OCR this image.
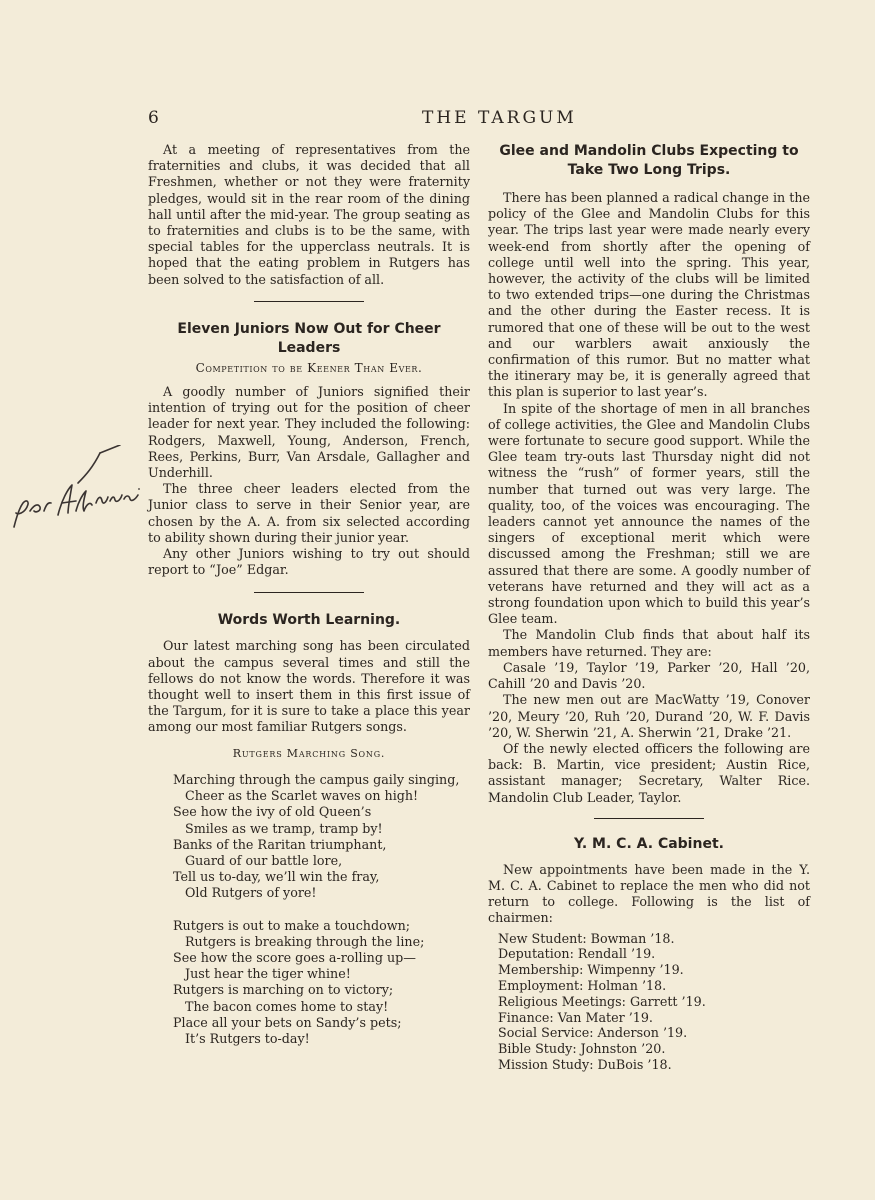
6	THE TARGUM

At a meeting of representatives from the fraternities and clubs, it was decided that all Freshmen, whether or not they were fraternity pledges, would sit in the rear room of the dining hall until after the mid-year. The group seating as to fraternities and clubs is to be the same, with special tables for the upperclass neutrals. It is hoped that the eating problem in Rutgers has been solved to the satisfaction of all.

Eleven Juniors Now Out for Cheer Leaders
Competition to be Keener Than Ever.

A goodly number of Juniors signified their intention of trying out for the position of cheer leader for next year. They included the following: Rodgers, Maxwell, Young, Anderson, French, Rees, Perkins, Burr, Van Arsdale, Gallagher and Underhill.

The three cheer leaders elected from the Junior class to serve in their Senior year, are chosen by the A. A. from six selected according to ability shown during their junior year.

Any other Juniors wishing to try out should report to “Joe” Edgar.

Words Worth Learning.

Our latest marching song has been circulated about the campus several times and still the fellows do not know the words. Therefore it was thought well to insert them in this first issue of the Targum, for it is sure to take a place this year among our most familiar Rutgers songs.

Rutgers Marching Song.
Marching through the campus gaily singing,
Cheer as the Scarlet waves on high!
See how the ivy of old Queen’s
Smiles as we tramp, tramp by!
Banks of the Raritan triumphant,
Guard of our battle lore,
Tell us to-day, we’ll win the fray,
Old Rutgers of yore!
Rutgers is out to make a touchdown;
Rutgers is breaking through the line;
See how the score goes a-rolling up—
Just hear the tiger whine!
Rutgers is marching on to victory;
The bacon comes home to stay!
Place all your bets on Sandy’s pets;
It’s Rutgers to-day!
Glee and Mandolin Clubs Expecting to Take Two Long Trips.

There has been planned a radical change in the policy of the Glee and Mandolin Clubs for this year. The trips last year were made nearly every week-end from shortly after the opening of college until well into the spring. This year, however, the activity of the clubs will be limited to two extended trips—one during the Christmas and the other during the Easter recess. It is rumored that one of these will be out to the west and our warblers await anxiously the confirmation of this rumor. But no matter what the itinerary may be, it is generally agreed that this plan is superior to last year’s.

In spite of the shortage of men in all branches of college activities, the Glee and Mandolin Clubs were fortunate to secure good support. While the Glee team try-outs last Thursday night did not witness the “rush” of former years, still the number that turned out was very large. The quality, too, of the voices was encouraging. The leaders cannot yet announce the names of the singers of exceptional merit which were discussed among the Freshman; still we are assured that there are some. A goodly number of veterans have returned and they will act as a strong foundation upon which to build this year’s Glee team.

The Mandolin Club finds that about half its members have returned. They are:

Casale ’19, Taylor ’19, Parker ’20, Hall ’20, Cahill ’20 and Davis ’20.

The new men out are MacWatty ’19, Conover ’20, Meury ’20, Ruh ’20, Durand ’20, W. F. Davis ’20, W. Sherwin ’21, A. Sherwin ’21, Drake ’21.

Of the newly elected officers the following are back: B. Martin, vice president; Austin Rice, assistant manager; Secretary, Walter Rice. Mandolin Club Leader, Taylor.

Y. M. C. A. Cabinet.

New appointments have been made in the Y. M. C. A. Cabinet to replace the men who did not return to college. Following is the list of chairmen:

New Student: Bowman ’18.
Deputation: Rendall ’19.
Membership: Wimpenny ’19.
Employment: Holman ’18.
Religious Meetings: Garrett ’19.
Finance: Van Mater ’19.
Social Service: Anderson ’19.
Bible Study: Johnston ’20.
Mission Study: DuBois ’18.
